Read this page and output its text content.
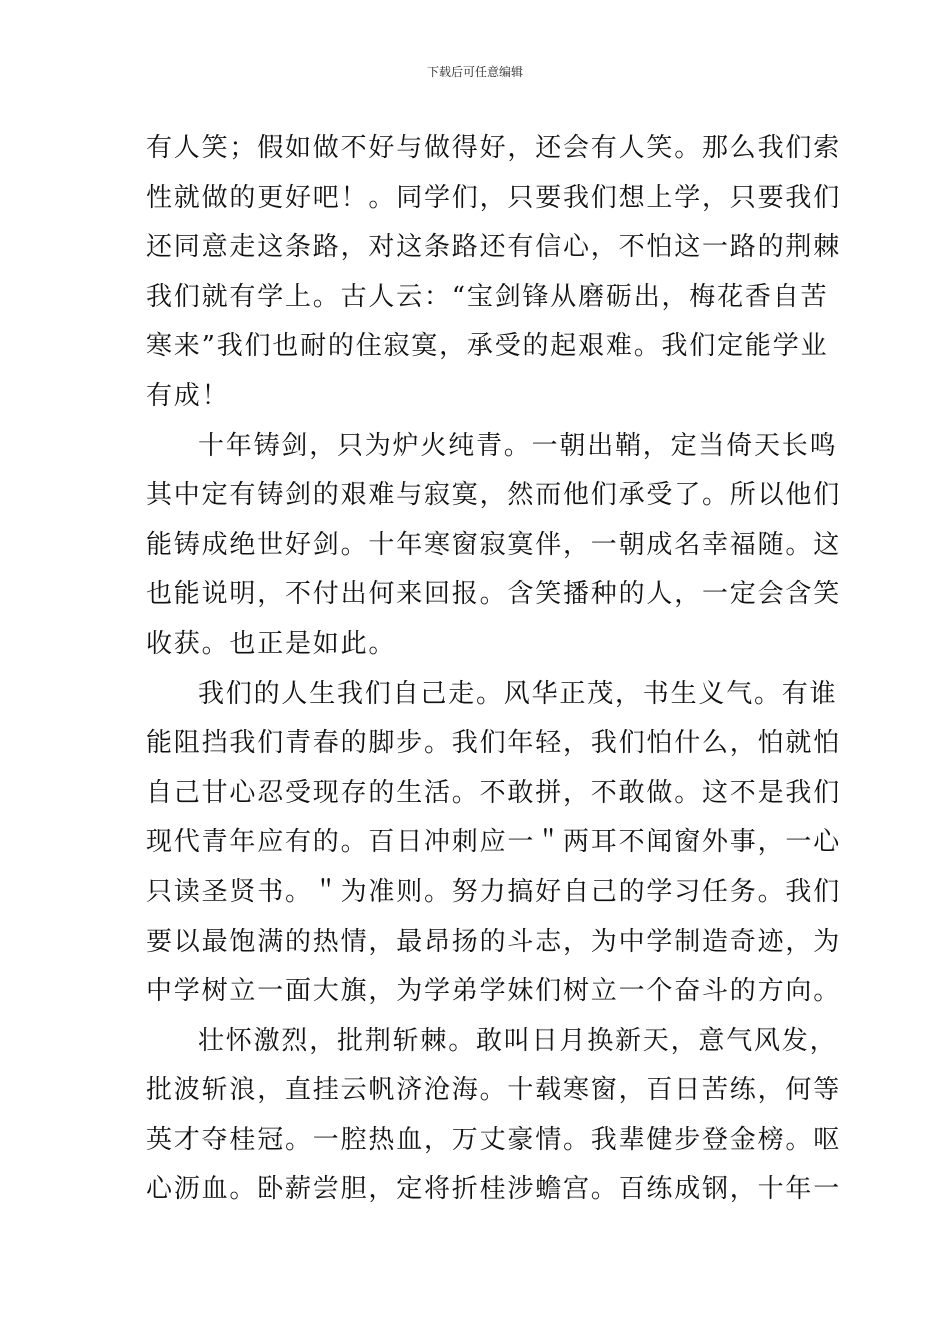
下载后可任意编辑
有人笑；假如做不好与做得好，还会有人笑。那么我们索
性就做的更好吧！。同学们，只要我们想上学，只要我们
还同意走这条路，对这条路还有信心，不怕这一路的荆棘
我们就有学上。古人云：“宝剑锋从磨砺出，梅花香自苦
寒来”我们也耐的住寂寞，承受的起艰难。我们定能学业
有成！
十年铸剑，只为炉火纯青。一朝出鞘，定当倚天长鸣
其中定有铸剑的艰难与寂寞，然而他们承受了。所以他们
能铸成绝世好剑。十年寒窗寂寞伴，一朝成名幸福随。这
也能说明，不付出何来回报。含笑播种的人，一定会含笑
收获。也正是如此。
我们的人生我们自己走。风华正茂，书生义气。有谁
能阻挡我们青春的脚步。我们年轻，我们怕什么，怕就怕
自己甘心忍受现存的生活。不敢拼，不敢做。这不是我们
现代青年应有的。百日冲刺应一＂两耳不闻窗外事，一心
只读圣贤书。＂为准则。努力搞好自己的学习任务。我们
要以最饱满的热情，最昂扬的斗志，为中学制造奇迹，为
中学树立一面大旗，为学弟学妹们树立一个奋斗的方向。
壮怀激烈，批荆斩棘。敢叫日月换新天，意气风发，
批波斩浪，直挂云帆济沧海。十载寒窗，百日苦练，何等
英才夺桂冠。一腔热血，万丈豪情。我辈健步登金榜。呕
心沥血。卧薪尝胆，定将折桂涉蟾宫。百练成钢，十年一
